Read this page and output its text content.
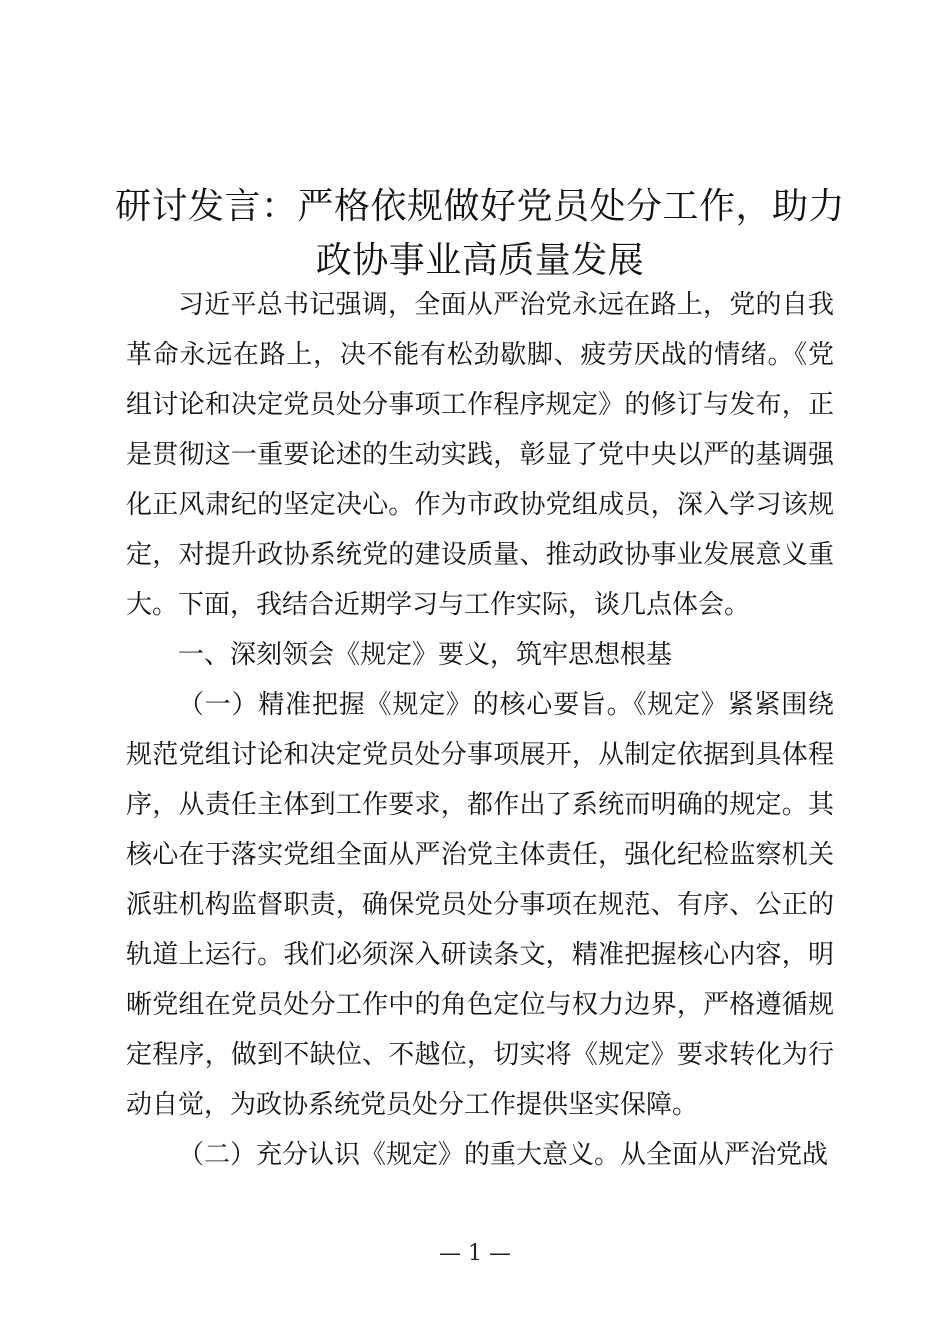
研讨发言：严格依规做好党员处分工作，助力
政协事业高质量发展

习近平总书记强调，全面从严治党永远在路上，党的自我革命永远在路上，决不能有松劲歇脚、疲劳厌战的情绪。《党组讨论和决定党员处分事项工作程序规定》的修订与发布，正是贯彻这一重要论述的生动实践，彰显了党中央以严的基调强化正风肃纪的坚定决心。作为市政协党组成员，深入学习该规定，对提升政协系统党的建设质量、推动政协事业发展意义重大。下面，我结合近期学习与工作实际，谈几点体会。

一、深刻领会《规定》要义，筑牢思想根基

（一）精准把握《规定》的核心要旨。《规定》紧紧围绕规范党组讨论和决定党员处分事项展开，从制定依据到具体程序，从责任主体到工作要求，都作出了系统而明确的规定。其核心在于落实党组全面从严治党主体责任，强化纪检监察机关派驻机构监督职责，确保党员处分事项在规范、有序、公正的轨道上运行。我们必须深入研读条文，精准把握核心内容，明晰党组在党员处分工作中的角色定位与权力边界，严格遵循规定程序，做到不缺位、不越位，切实将《规定》要求转化为行动自觉，为政协系统党员处分工作提供坚实保障。

（二）充分认识《规定》的重大意义。从全面从严治党战

— 1 —
